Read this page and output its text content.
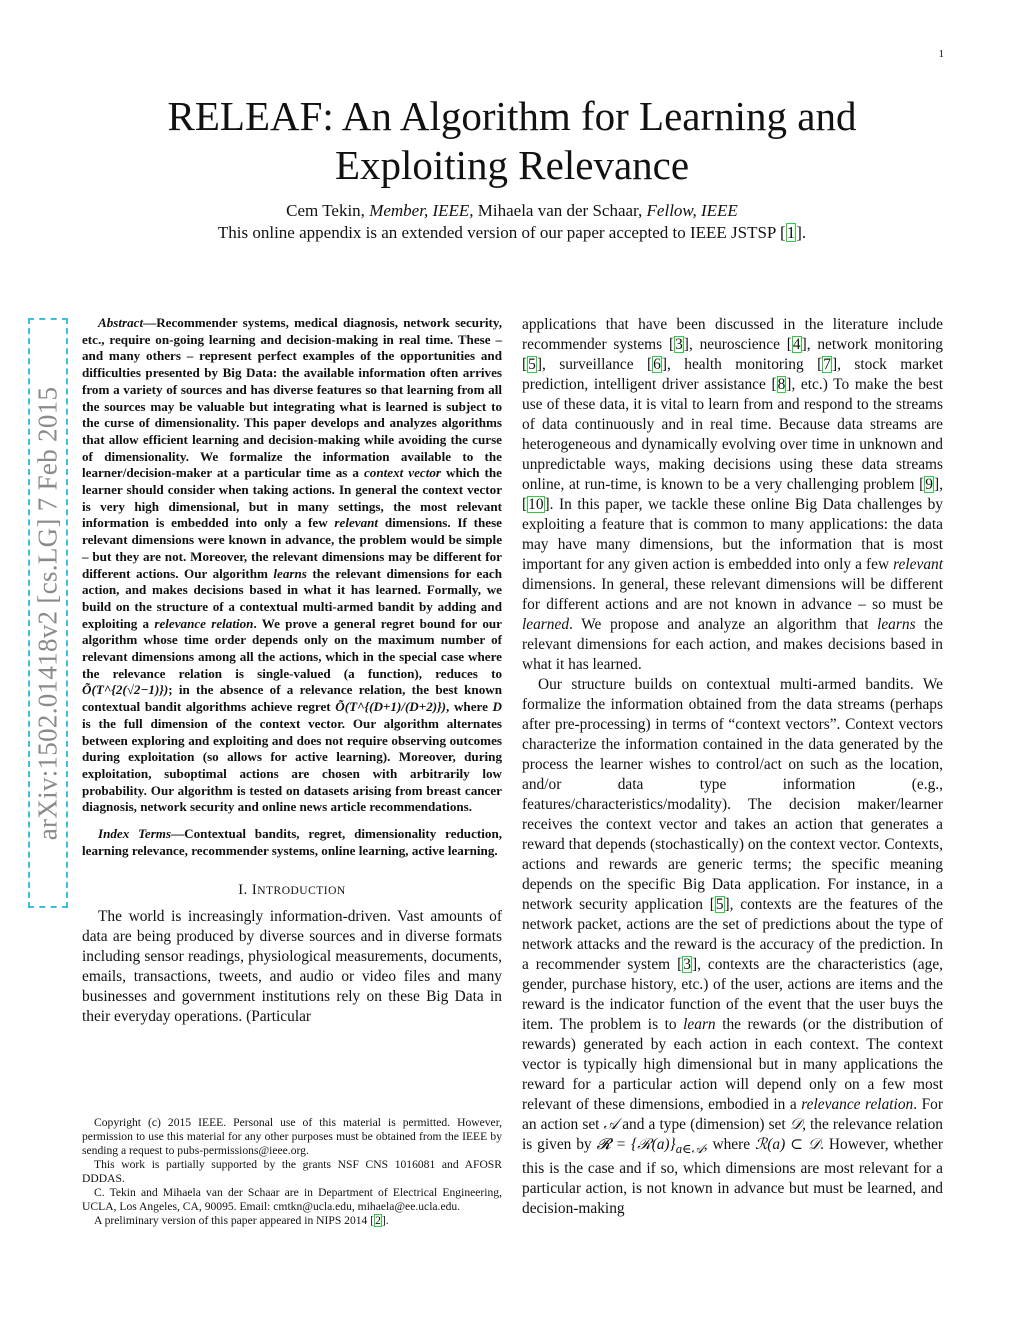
1
arXiv:1502.01418v2 [cs.LG] 7 Feb 2015
RELEAF: An Algorithm for Learning and Exploiting Relevance
Cem Tekin, Member, IEEE, Mihaela van der Schaar, Fellow, IEEE
This online appendix is an extended version of our paper accepted to IEEE JSTSP [1].

Abstract—Recommender systems, medical diagnosis, network security, etc., require on-going learning and decision-making in real time. These – and many others – represent perfect examples of the opportunities and difficulties presented by Big Data: the available information often arrives from a variety of sources and has diverse features so that learning from all the sources may be valuable but integrating what is learned is subject to the curse of dimensionality. This paper develops and analyzes algorithms that allow efficient learning and decision-making while avoiding the curse of dimensionality. We formalize the information available to the learner/decision-maker at a particular time as a context vector which the learner should consider when taking actions. In general the context vector is very high dimensional, but in many settings, the most relevant information is embedded into only a few relevant dimensions. If these relevant dimensions were known in advance, the problem would be simple – but they are not. Moreover, the relevant dimensions may be different for different actions. Our algorithm learns the relevant dimensions for each action, and makes decisions based in what it has learned. Formally, we build on the structure of a contextual multi-armed bandit by adding and exploiting a relevance relation. We prove a general regret bound for our algorithm whose time order depends only on the maximum number of relevant dimensions among all the actions, which in the special case where the relevance relation is single-valued (a function), reduces to Õ(T^{2(√2−1)}); in the absence of a relevance relation, the best known contextual bandit algorithms achieve regret Õ(T^{(D+1)/(D+2)}), where D is the full dimension of the context vector. Our algorithm alternates between exploring and exploiting and does not require observing outcomes during exploitation (so allows for active learning). Moreover, during exploitation, suboptimal actions are chosen with arbitrarily low probability. Our algorithm is tested on datasets arising from breast cancer diagnosis, network security and online news article recommendations.

Index Terms—Contextual bandits, regret, dimensionality reduction, learning relevance, recommender systems, online learning, active learning.

I. INTRODUCTION

The world is increasingly information-driven. Vast amounts of data are being produced by diverse sources and in diverse formats including sensor readings, physiological measurements, documents, emails, transactions, tweets, and audio or video files and many businesses and government institutions rely on these Big Data in their everyday operations. (Particular

Copyright (c) 2015 IEEE. Personal use of this material is permitted. However, permission to use this material for any other purposes must be obtained from the IEEE by sending a request to pubs-permissions@ieee.org.

This work is partially supported by the grants NSF CNS 1016081 and AFOSR DDDAS.

C. Tekin and Mihaela van der Schaar are in Department of Electrical Engineering, UCLA, Los Angeles, CA, 90095. Email: cmtkn@ucla.edu, mihaela@ee.ucla.edu.

A preliminary version of this paper appeared in NIPS 2014 [2].

applications that have been discussed in the literature include recommender systems [3], neuroscience [4], network monitoring [5], surveillance [6], health monitoring [7], stock market prediction, intelligent driver assistance [8], etc.) To make the best use of these data, it is vital to learn from and respond to the streams of data continuously and in real time. Because data streams are heterogeneous and dynamically evolving over time in unknown and unpredictable ways, making decisions using these data streams online, at run-time, is known to be a very challenging problem [9], [10]. In this paper, we tackle these online Big Data challenges by exploiting a feature that is common to many applications: the data may have many dimensions, but the information that is most important for any given action is embedded into only a few relevant dimensions. In general, these relevant dimensions will be different for different actions and are not known in advance – so must be learned. We propose and analyze an algorithm that learns the relevant dimensions for each action, and makes decisions based in what it has learned.

Our structure builds on contextual multi-armed bandits. We formalize the information obtained from the data streams (perhaps after pre-processing) in terms of “context vectors”. Context vectors characterize the information contained in the data generated by the process the learner wishes to control/act on such as the location, and/or data type information (e.g., features/characteristics/modality). The decision maker/learner receives the context vector and takes an action that generates a reward that depends (stochastically) on the context vector. Contexts, actions and rewards are generic terms; the specific meaning depends on the specific Big Data application. For instance, in a network security application [5], contexts are the features of the network packet, actions are the set of predictions about the type of network attacks and the reward is the accuracy of the prediction. In a recommender system [3], contexts are the characteristics (age, gender, purchase history, etc.) of the user, actions are items and the reward is the indicator function of the event that the user buys the item. The problem is to learn the rewards (or the distribution of rewards) generated by each action in each context. The context vector is typically high dimensional but in many applications the reward for a particular action will depend only on a few most relevant of these dimensions, embodied in a relevance relation. For an action set 𝒜 and a type (dimension) set 𝒟, the relevance relation is given by 𝓡 = $\{ℛ(a)\}_{a\in 𝒜}$, where ℛ(a) ⊂ 𝒟. However, whether this is the case and if so, which dimensions are most relevant for a particular action, is not known in advance but must be learned, and decision-making
